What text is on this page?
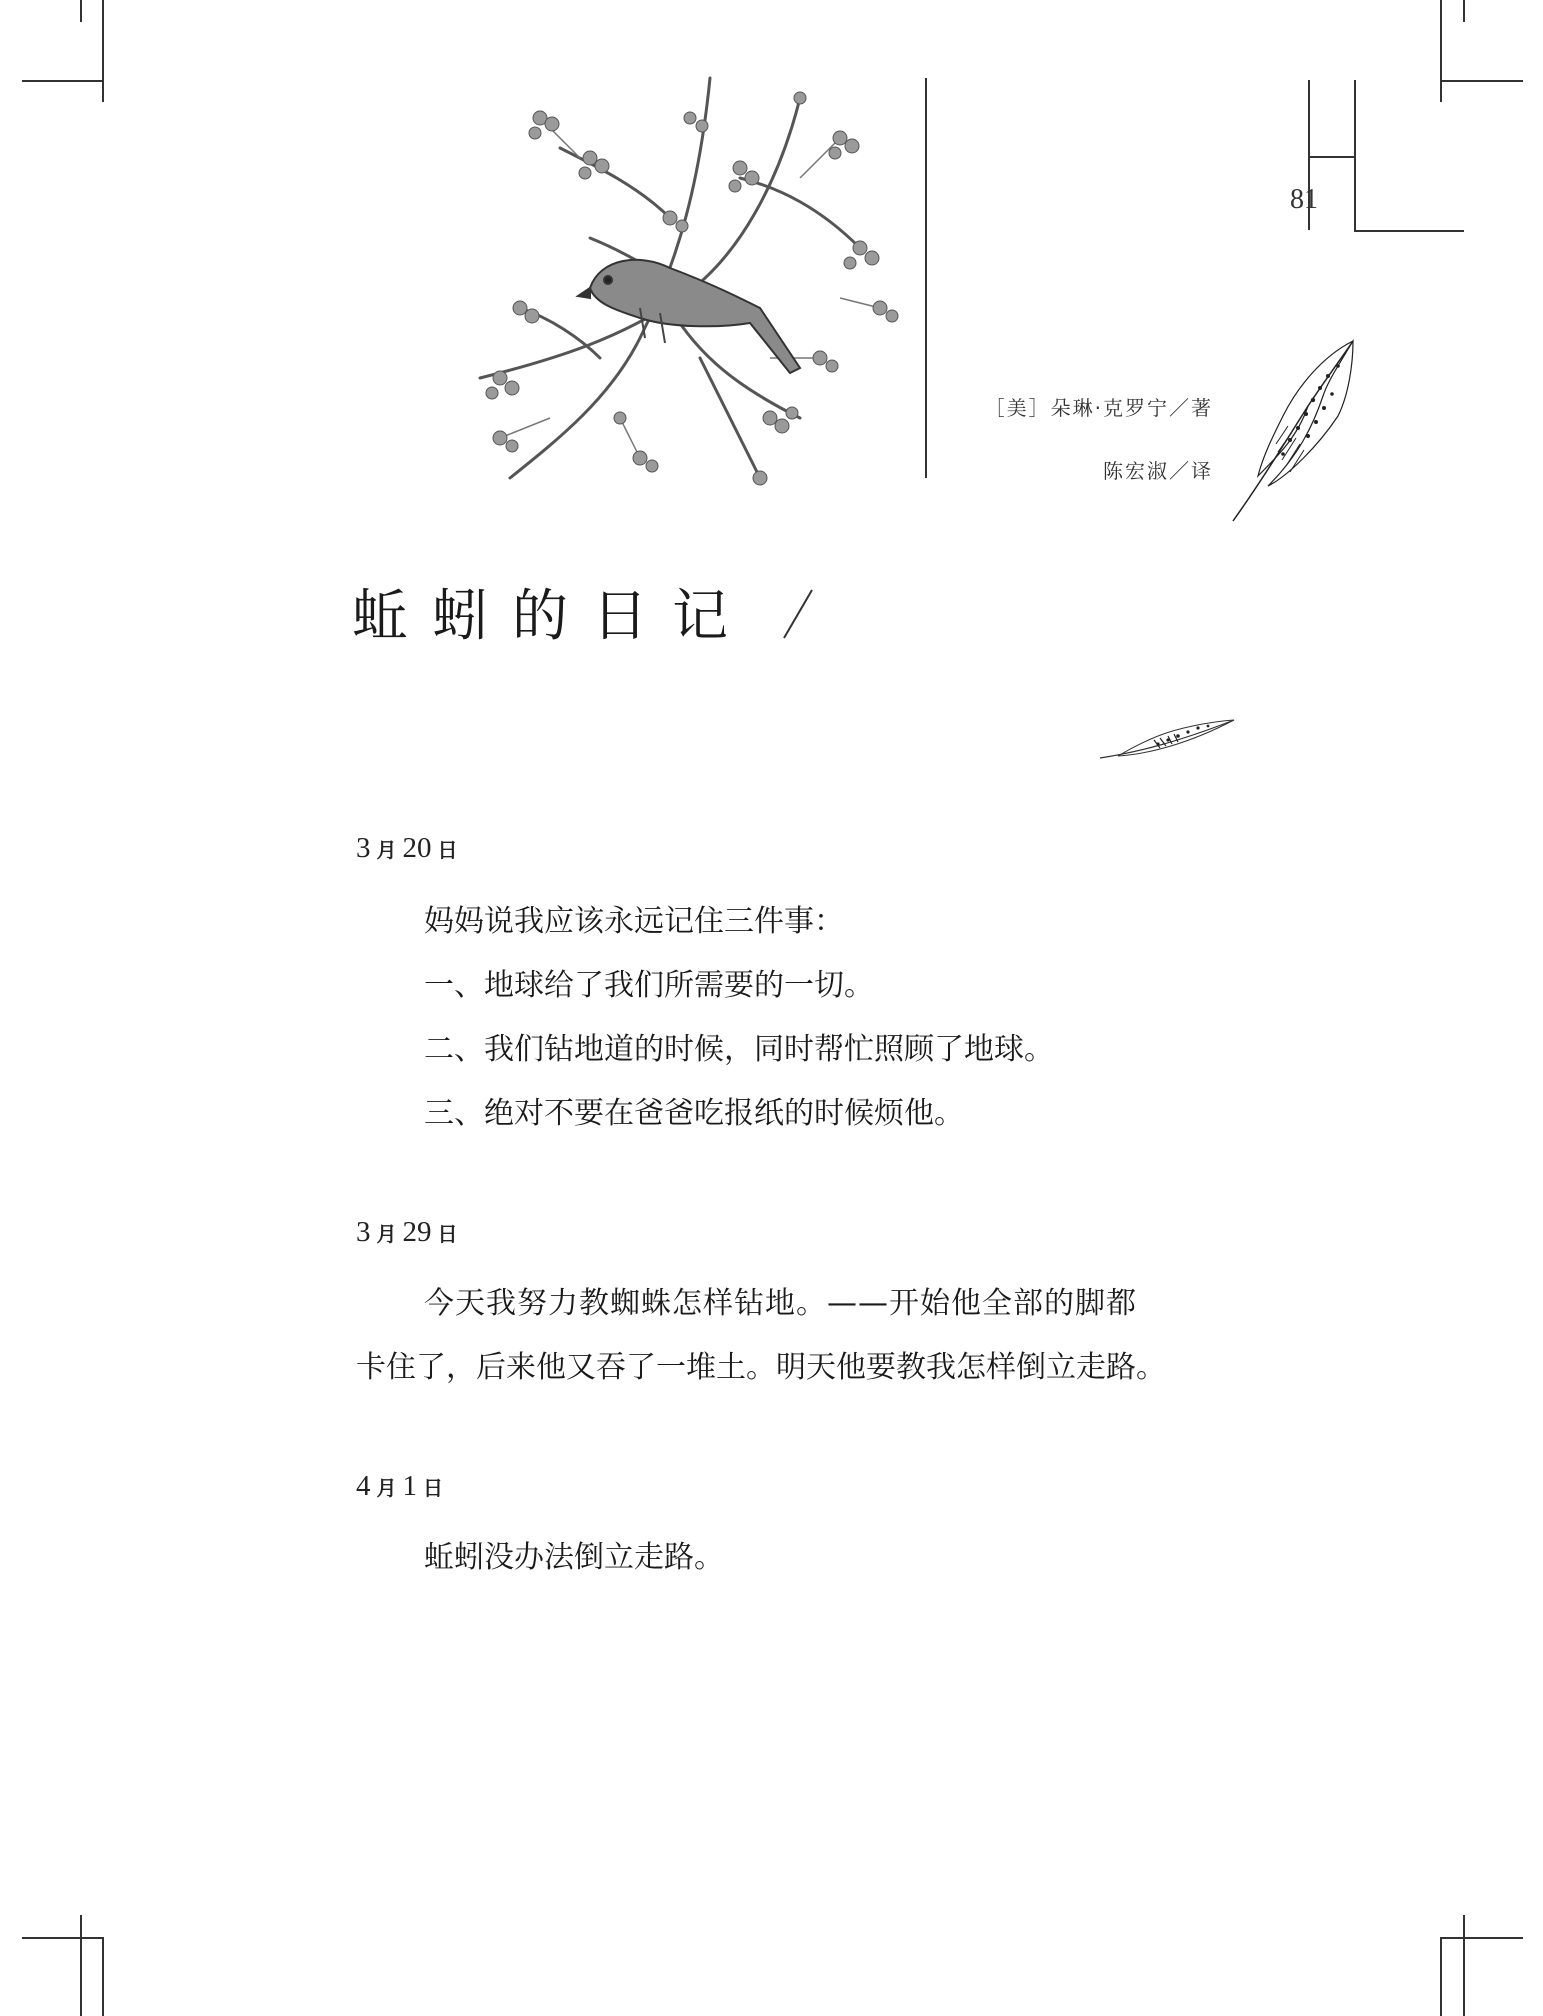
81
［美］朵琳·克罗宁／著
陈宏淑／译
蚯蚓的日记
3 月 20 日
妈妈说我应该永远记住三件事：
一、地球给了我们所需要的一切。
二、我们钻地道的时候，同时帮忙照顾了地球。
三、绝对不要在爸爸吃报纸的时候烦他。
3 月 29 日
今天我努力教蜘蛛怎样钻地。——开始他全部的脚都
卡住了，后来他又吞了一堆土。明天他要教我怎样倒立走路。
4 月 1 日
蚯蚓没办法倒立走路。
